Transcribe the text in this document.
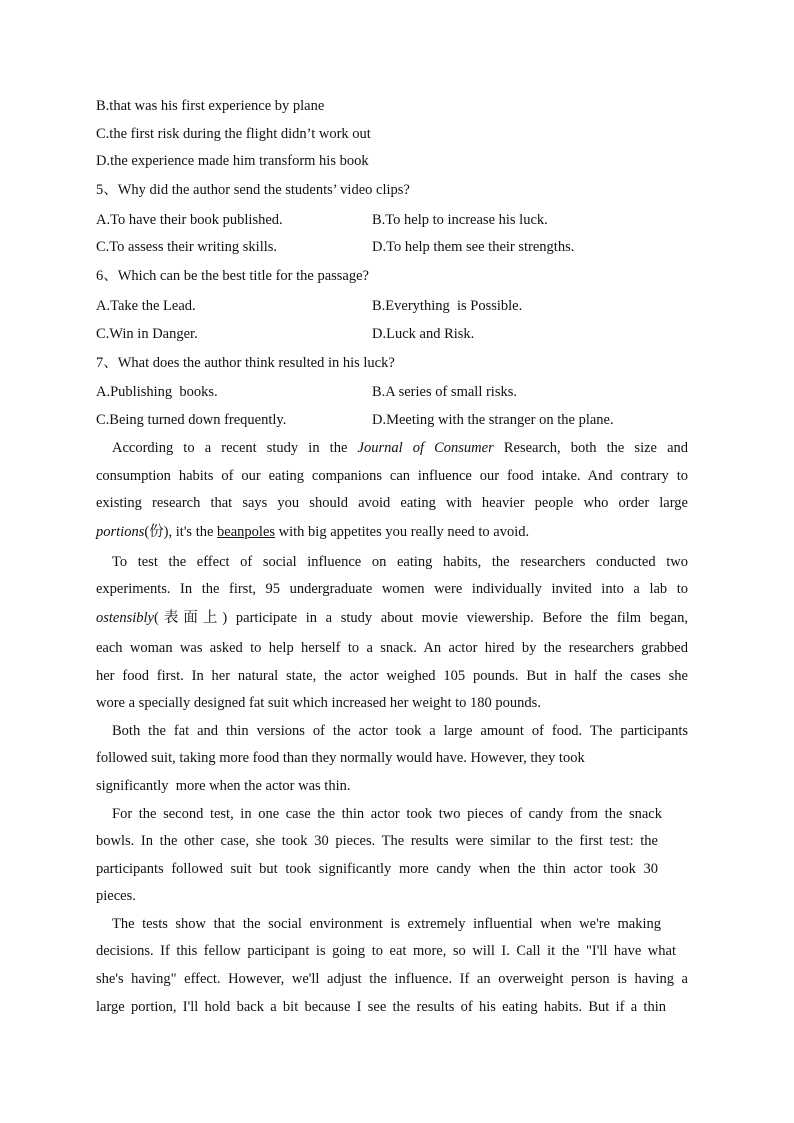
B.that was his first experience by plane
C.the first risk during the flight didn’t work out
D.the experience made him transform his book
5、Why did the author send the students’ video clips?
A.To have their book published.	B.To help to increase his luck.
C.To assess their writing skills.	D.To help them see their strengths.
6、Which can be the best title for the passage?
A.Take the Lead.	B.Everything  is Possible.
C.Win in Danger.	D.Luck and Risk.
7、What does the author think resulted in his luck?
A.Publishing  books.	B.A series of small risks.
C.Being turned down frequently.	D.Meeting with the stranger on the plane.
According to a recent study in the Journal of Consumer Research, both the size and
consumption habits of our eating companions can influence our food intake. And contrary to
existing research that says you should avoid eating with heavier people who order large
portions(份), it's the beanpoles with big appetites you really need to avoid.
To test the effect of social influence on eating habits, the researchers conducted two
experiments. In the first, 95 undergraduate women were individually invited into a lab to
ostensibly(表面上) participate in a study about movie viewership. Before the film began,
each woman was asked to help herself to a snack. An actor hired by the researchers grabbed
her food first. In her natural state, the actor weighed 105 pounds. But in half the cases she
wore a specially designed fat suit which increased her weight to 180 pounds.
Both the fat and thin versions of the actor took a large amount of food. The participants
followed suit, taking more food than they normally would have. However, they took
significantly  more when the actor was thin.
For the second test, in one case the thin actor took two pieces of candy from the snack
bowls. In the other case, she took 30 pieces. The results were similar to the first test: the
participants followed suit but took significantly more candy when the thin actor took 30
pieces.
The tests show that the social environment is extremely influential when we're making
decisions. If this fellow participant is going to eat more, so will I. Call it the "I'll have what
she's having" effect. However, we'll adjust the influence. If an overweight person is having a
large portion, I'll hold back a bit because I see the results of his eating habits. But if a thin
